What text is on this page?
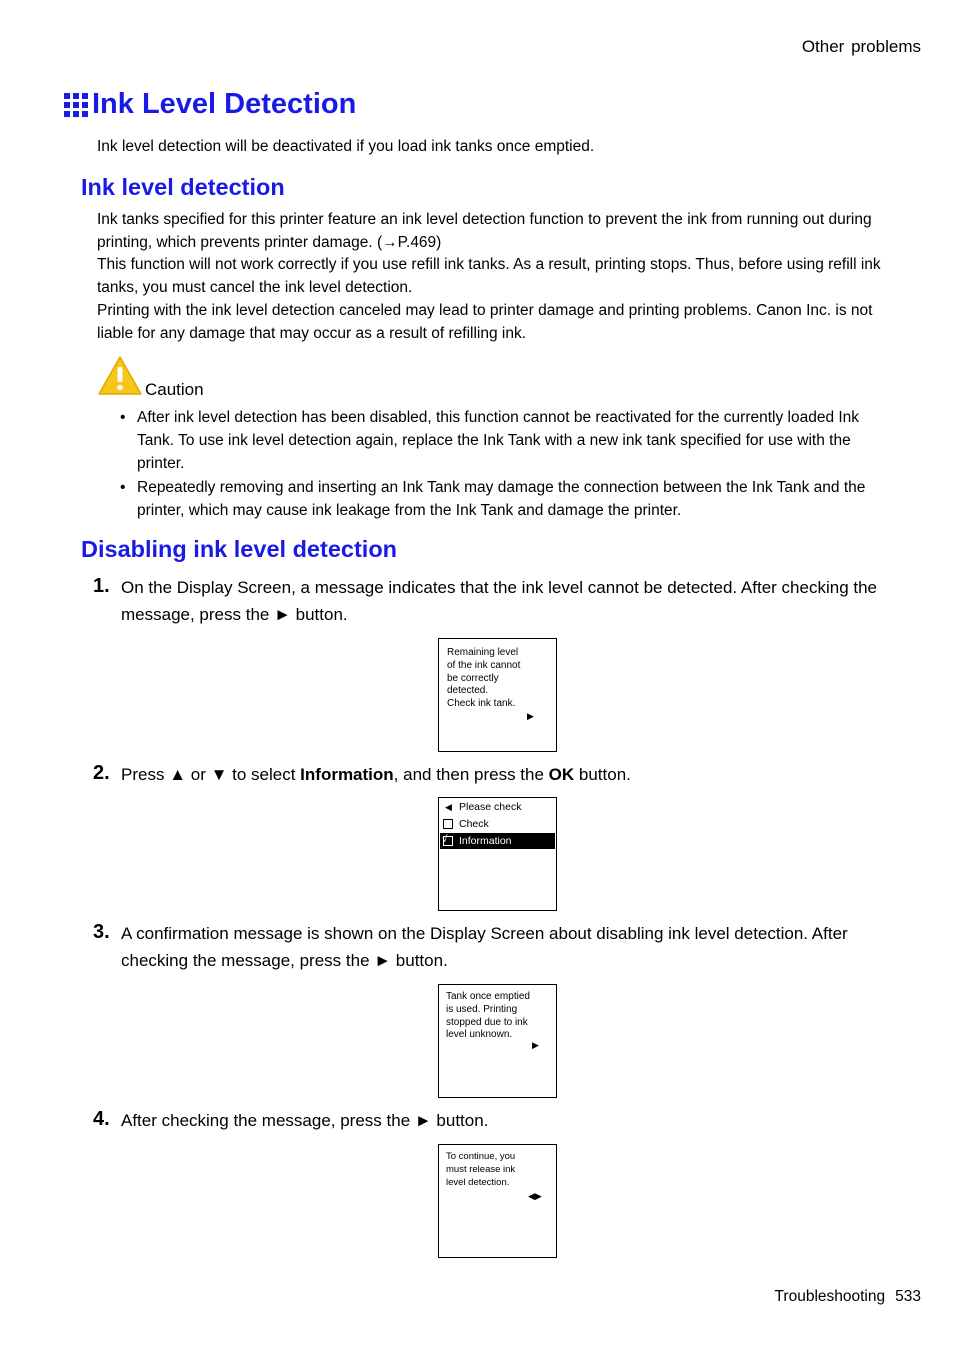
Other problems
Ink Level Detection
Ink level detection will be deactivated if you load ink tanks once emptied.
Ink level detection
Ink tanks specified for this printer feature an ink level detection function to prevent the ink from running out during printing, which prevents printer damage. (→P.469)
This function will not work correctly if you use refill ink tanks. As a result, printing stops. Thus, before using refill ink tanks, you must cancel the ink level detection.
Printing with the ink level detection canceled may lead to printer damage and printing problems. Canon Inc. is not liable for any damage that may occur as a result of refilling ink.
Caution
• After ink level detection has been disabled, this function cannot be reactivated for the currently loaded Ink Tank. To use ink level detection again, replace the Ink Tank with a new ink tank specified for use with the printer.
• Repeatedly removing and inserting an Ink Tank may damage the connection between the Ink Tank and the printer, which may cause ink leakage from the Ink Tank and damage the printer.
Disabling ink level detection
1. On the Display Screen, a message indicates that the ink level cannot be detected. After checking the message, press the ► button.
Remaining level
of the ink cannot
be correctly
detected.
Check ink tank.
▶
2. Press ▲ or ▼ to select Information, and then press the OK button.
◀ Please check
Check
√ Information
3. A confirmation message is shown on the Display Screen about disabling ink level detection. After checking the message, press the ► button.
Tank once emptied
is used. Printing
stopped due to ink
level unknown.
▶
4. After checking the message, press the ► button.
To continue, you
must release ink
level detection.
◀▶
Troubleshooting 533
